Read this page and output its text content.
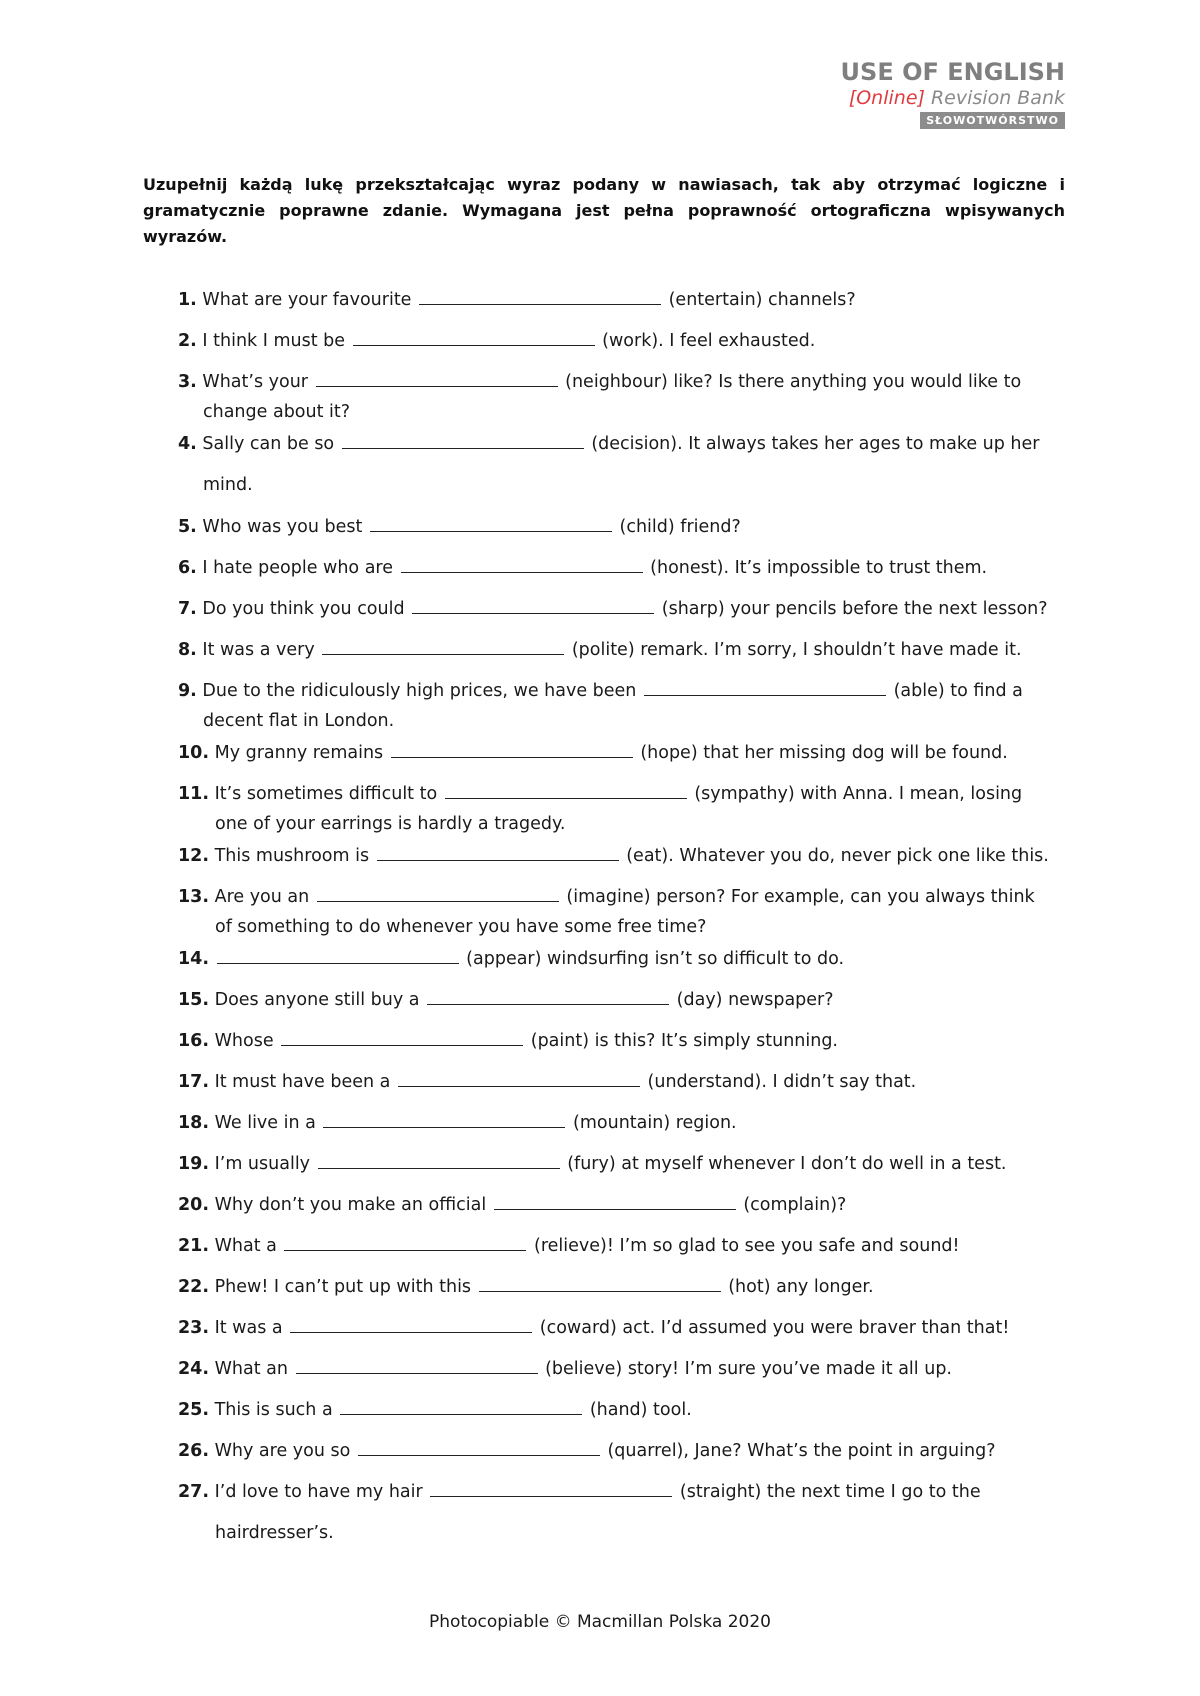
USE OF ENGLISH
[Online] Revision Bank
SŁOWOTWÓRSTWO
Uzupełnij każdą lukę przekształcając wyraz podany w nawiasach, tak aby otrzymać logiczne i gramatycznie poprawne zdanie. Wymagana jest pełna poprawność ortograficzna wpisywanych wyrazów.
1. What are your favourite	(entertain) channels?
2. I think I must be	(work). I feel exhausted.
3. What’s your	(neighbour) like? Is there anything you would like to
change about it?
4. Sally can be so	(decision). It always takes her ages to make up her
mind.
5. Who was you best	(child) friend?
6. I hate people who are	(honest). It’s impossible to trust them.
7. Do you think you could	(sharp) your pencils before the next lesson?
8. It was a very	(polite) remark. I’m sorry, I shouldn’t have made it.
9. Due to the ridiculously high prices, we have been	(able) to find a
decent flat in London.
10. My granny remains	(hope) that her missing dog will be found.
11. It’s sometimes difficult to	(sympathy) with Anna. I mean, losing
one of your earrings is hardly a tragedy.
12. This mushroom is	(eat). Whatever you do, never pick one like this.
13. Are you an	(imagine) person? For example, can you always think
of something to do whenever you have some free time?
14.	(appear) windsurfing isn’t so difficult to do.
15. Does anyone still buy a	(day) newspaper?
16. Whose	(paint) is this? It’s simply stunning.
17. It must have been a	(understand). I didn’t say that.
18. We live in a	(mountain) region.
19. I’m usually	(fury) at myself whenever I don’t do well in a test.
20. Why don’t you make an official	(complain)?
21. What a	(relieve)! I’m so glad to see you safe and sound!
22. Phew! I can’t put up with this	(hot) any longer.
23. It was a	(coward) act. I’d assumed you were braver than that!
24. What an	(believe) story! I’m sure you’ve made it all up.
25. This is such a	(hand) tool.
26. Why are you so	(quarrel), Jane? What’s the point in arguing?
27. I’d love to have my hair	(straight) the next time I go to the
hairdresser’s.
Photocopiable © Macmillan Polska 2020
